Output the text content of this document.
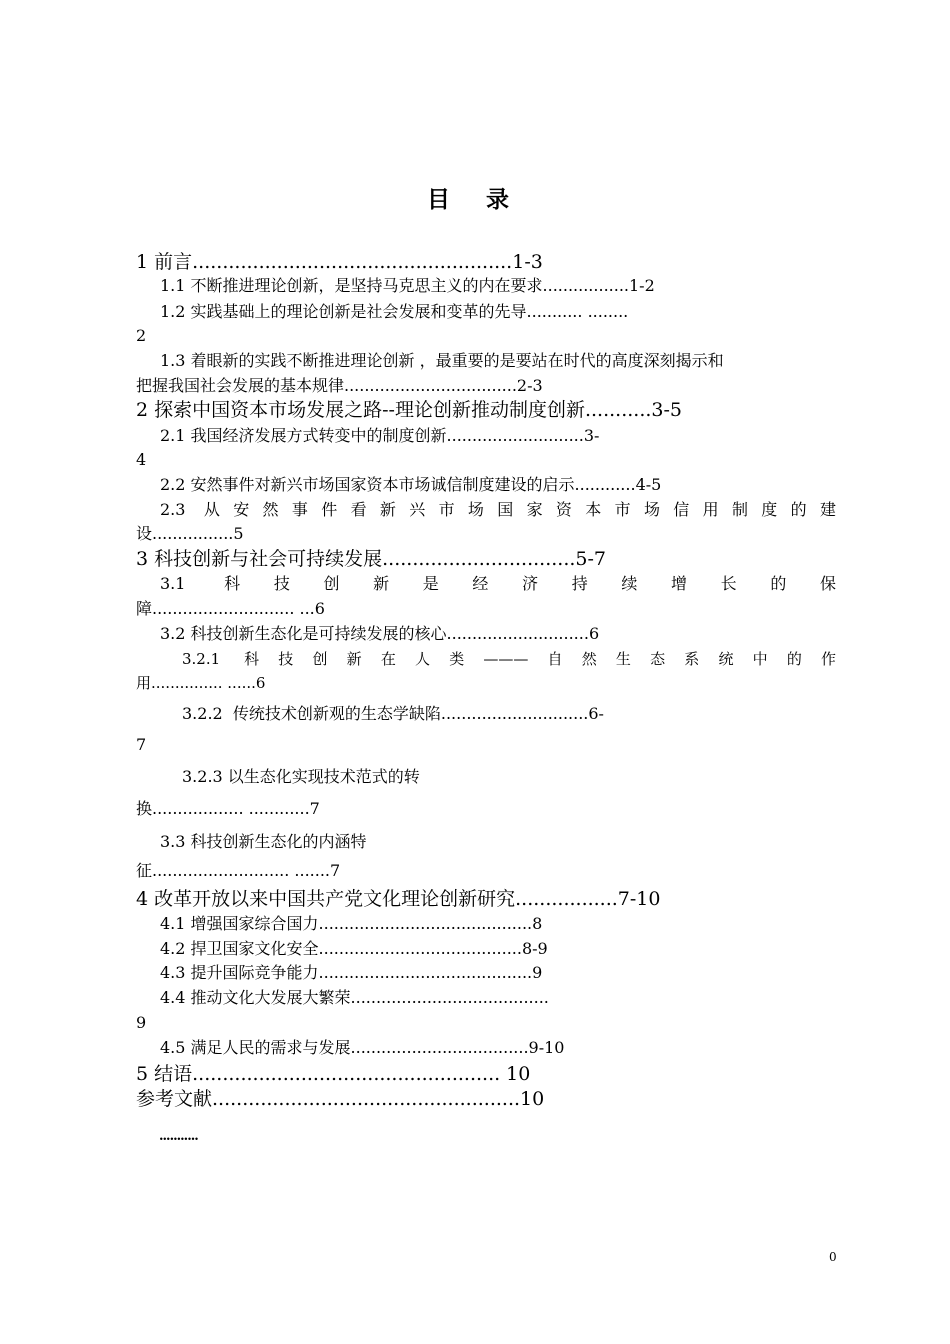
目 录
1 前言.....................................................1-3
1.1 不断推进理论创新，是坚持马克思主义的内在要求.................1-2
1.2 实践基础上的理论创新是社会发展和变革的先导........... ........
2
1.3 着眼新的实践不断推进理论创新 ，最重要的是要站在时代的高度深刻揭示和
把握我国社会发展的基本规律..................................2-3
2 探索中国资本市场发展之路--理论创新推动制度创新...........3-5
2.1 我国经济发展方式转变中的制度创新...........................3-
4
2.2 安然事件对新兴市场国家资本市场诚信制度建设的启示............4-5
2.3 从安然事件看新兴市场国家资本市场信用制度的建
设................5
3 科技创新与社会可持续发展................................5-7
3.1 科技创新是经济持续增长的保
障............................ ...6
3.2 科技创新生态化是可持续发展的核心............................6
3.2.1 科技创新在人类———自然生态系统中的作
用............... ......6
3.2.2  传统技术创新观的生态学缺陷.............................6-
7
3.2.3 以生态化实现技术范式的转
换.................. ............7
3.3 科技创新生态化的内涵特
征........................... .......7
4 改革开放以来中国共产党文化理论创新研究.................7-10
4.1 增强国家综合国力..........................................8
4.2 捍卫国家文化安全........................................8-9
4.3 提升国际竞争能力..........................................9
4.4 推动文化大发展大繁荣.......................................
9
4.5 满足人民的需求与发展...................................9-10
5 结语................................................... 10
参考文献...................................................10
...........
0
